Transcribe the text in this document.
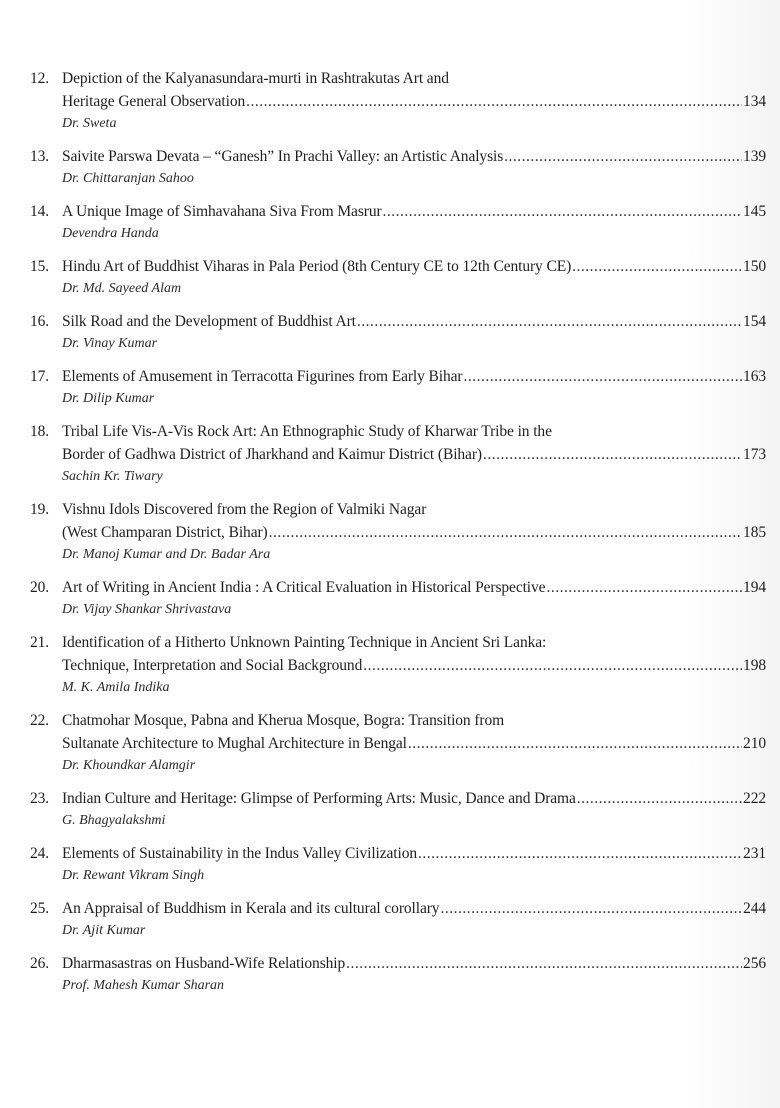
12. Depiction of the Kalyanasundara-murti in Rashtrakutas Art and
Heritage General Observation .....	134
Dr. Sweta
13. Saivite Parswa Devata – “Ganesh” In Prachi Valley: an Artistic Analysis .....	139
Dr. Chittaranjan Sahoo
14. A Unique Image of Simhavahana Siva From Masrur .....	145
Devendra Handa
15. Hindu Art of Buddhist Viharas in Pala Period (8th Century CE to 12th Century CE) .....	150
Dr. Md. Sayeed Alam
16. Silk Road and the Development of Buddhist Art .....	154
Dr. Vinay Kumar
17. Elements of Amusement in Terracotta Figurines from Early Bihar .....	163
Dr. Dilip Kumar
18. Tribal Life Vis-A-Vis Rock Art: An Ethnographic Study of Kharwar Tribe in the
Border of Gadhwa District of Jharkhand and Kaimur District (Bihar) .....	173
Sachin Kr. Tiwary
19. Vishnu Idols Discovered from the Region of Valmiki Nagar
(West Champaran District, Bihar) .....	185
Dr. Manoj Kumar and Dr. Badar Ara
20. Art of Writing in Ancient India : A Critical Evaluation in Historical Perspective .....	194
Dr. Vijay Shankar Shrivastava
21. Identification of a Hitherto Unknown Painting Technique in Ancient Sri Lanka:
Technique, Interpretation and Social Background .....	198
M. K. Amila Indika
22. Chatmohar Mosque, Pabna and Kherua Mosque, Bogra: Transition from
Sultanate Architecture to Mughal Architecture in Bengal .....	210
Dr. Khoundkar Alamgir
23. Indian Culture and Heritage: Glimpse of Performing Arts: Music, Dance and Drama .....	222
G. Bhagyalakshmi
24. Elements of Sustainability in the Indus Valley Civilization .....	231
Dr. Rewant Vikram Singh
25. An Appraisal of Buddhism in Kerala and its cultural corollary .....	244
Dr. Ajit Kumar
26. Dharmasastras on Husband-Wife Relationship .....	256
Prof. Mahesh Kumar Sharan
